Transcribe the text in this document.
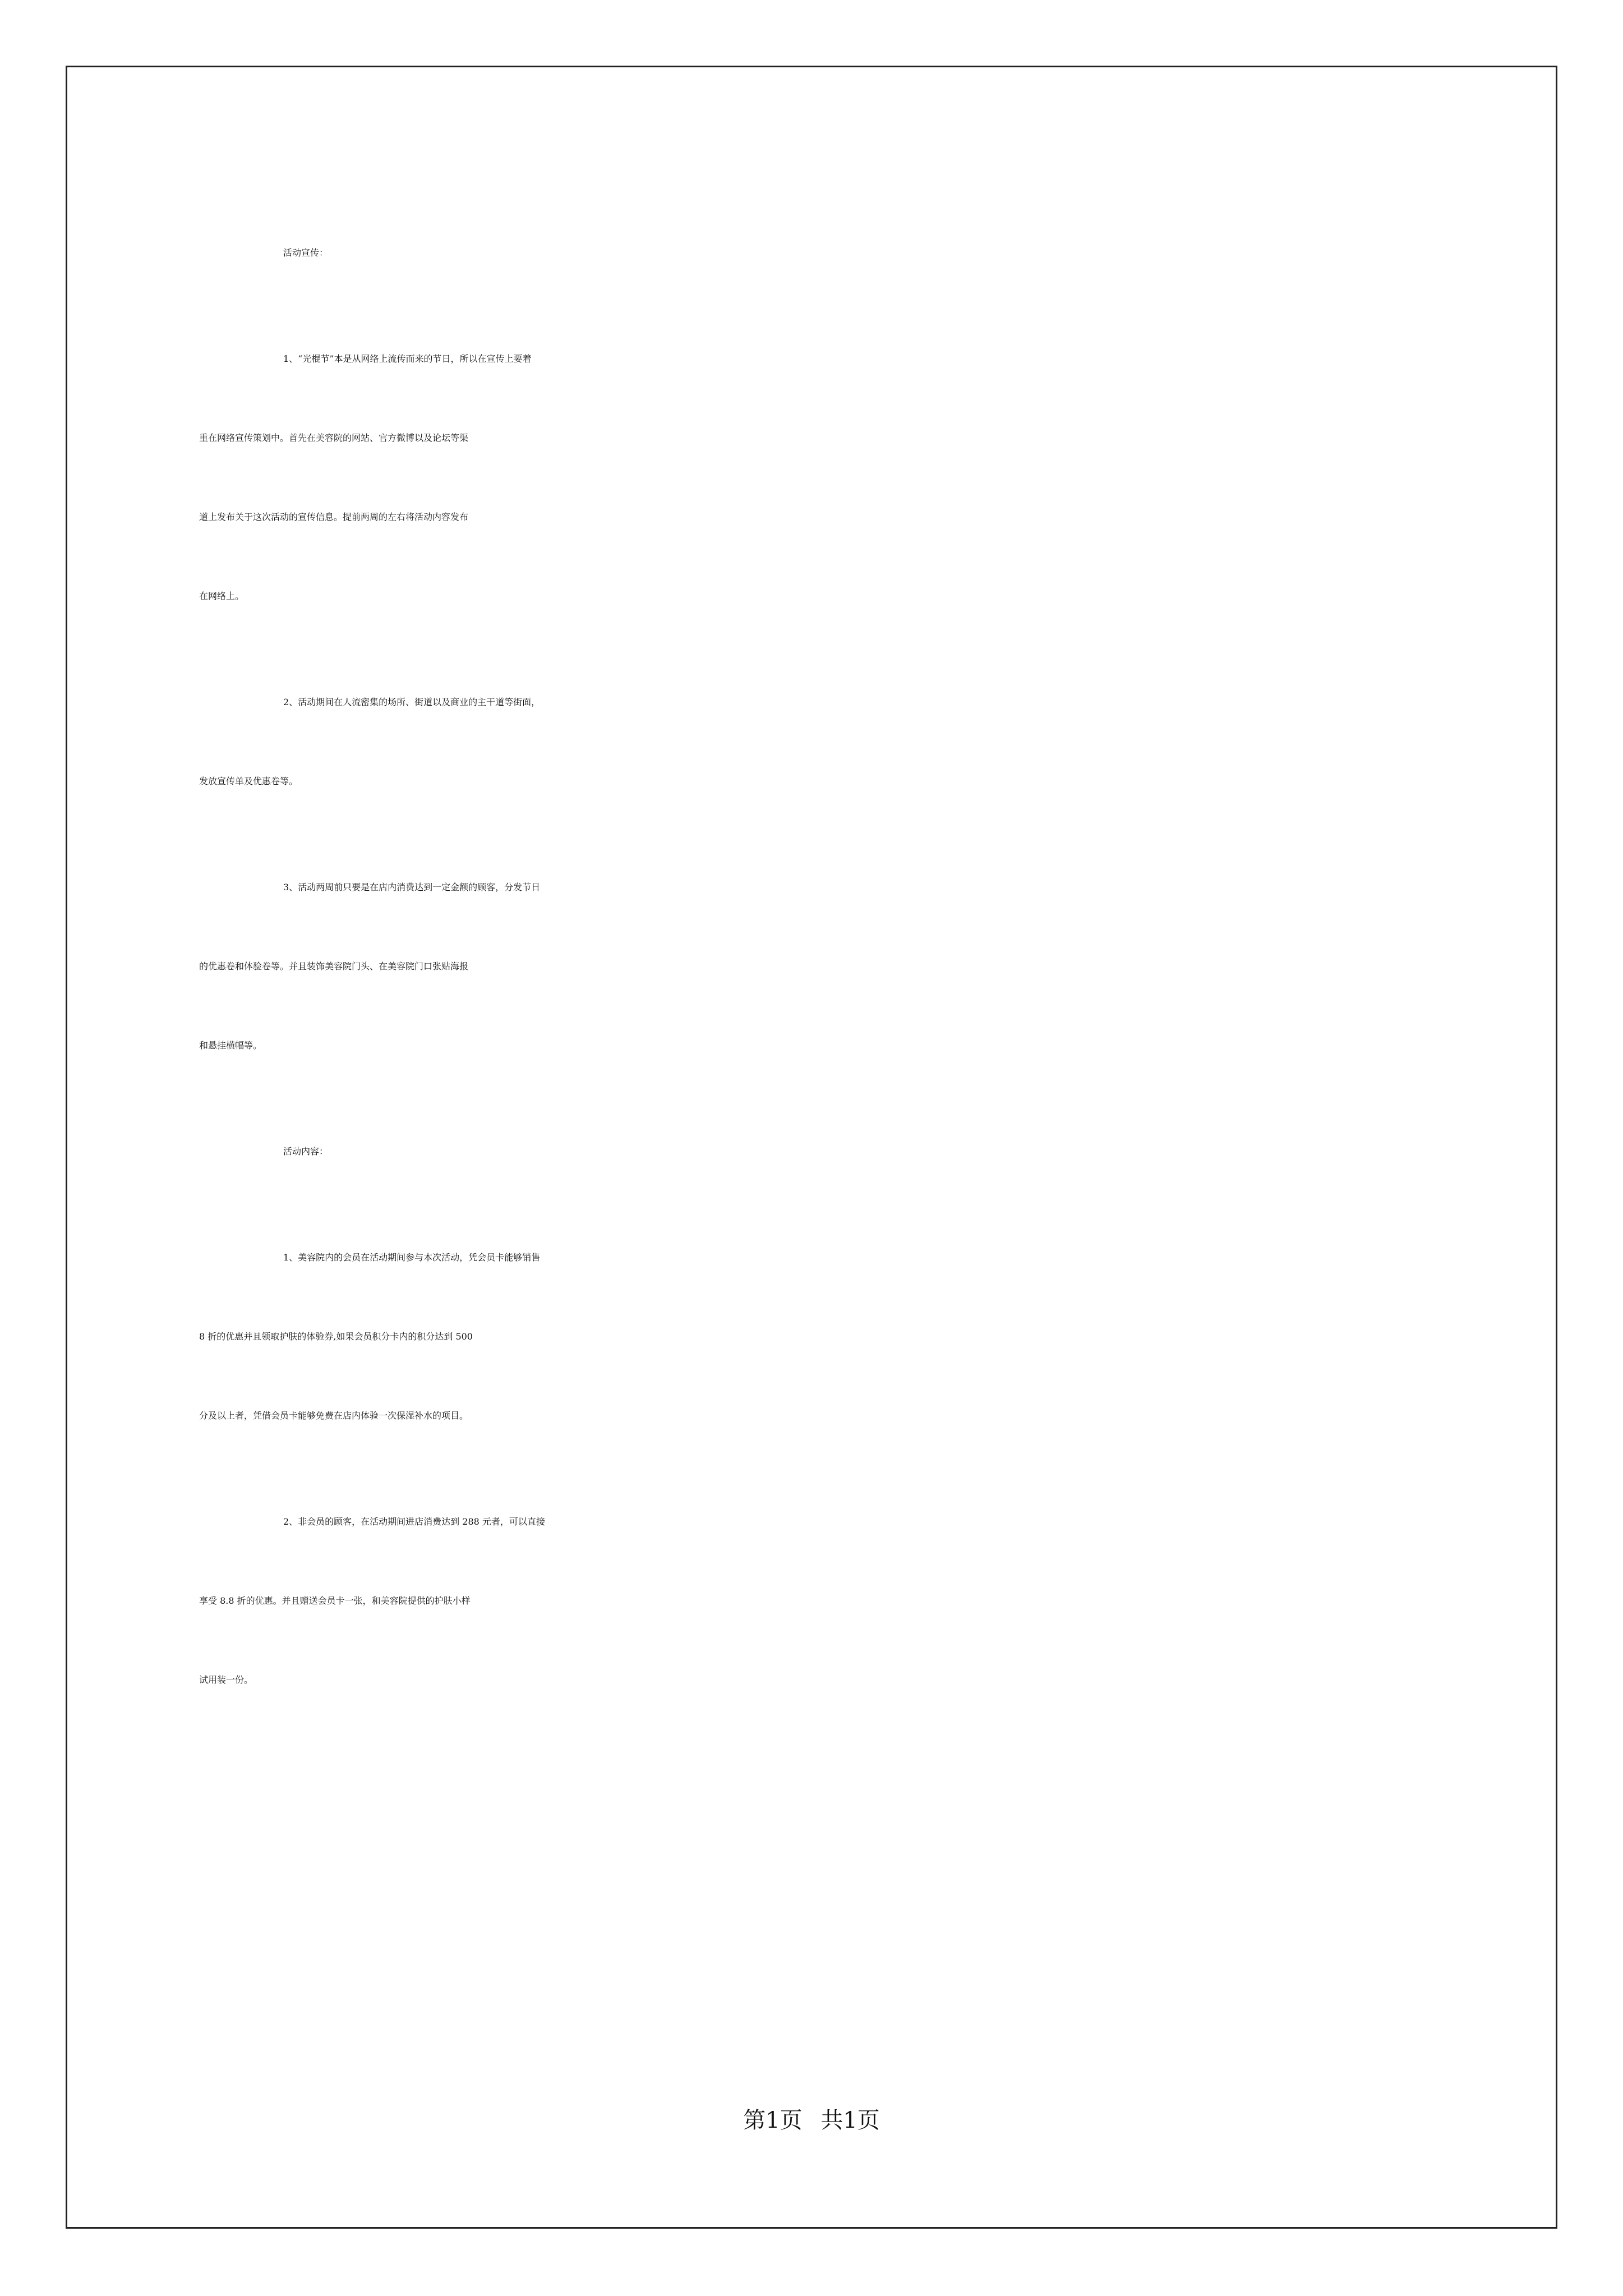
活动宣传：
1、“光棍节”本是从网络上流传而来的节日，所以在宣传上要着
重在网络宣传策划中。首先在美容院的网站、官方微博以及论坛等渠
道上发布关于这次活动的宣传信息。提前两周的左右将活动内容发布
在网络上。
2、活动期间在人流密集的场所、街道以及商业的主干道等街面，
发放宣传单及优惠卷等。
3、活动两周前只要是在店内消费达到一定金额的顾客，分发节日
的优惠卷和体验卷等。并且装饰美容院门头、在美容院门口张贴海报
和悬挂横幅等。
活动内容：
1、美容院内的会员在活动期间参与本次活动，凭会员卡能够销售
8 折的优惠并且领取护肤的体验券,如果会员积分卡内的积分达到 500
分及以上者，凭借会员卡能够免费在店内体验一次保湿补水的项目。
2、非会员的顾客，在活动期间进店消费达到 288 元者，可以直接
享受 8.8 折的优惠。并且赠送会员卡一张，和美容院提供的护肤小样
试用装一份。
第1页 共1页
